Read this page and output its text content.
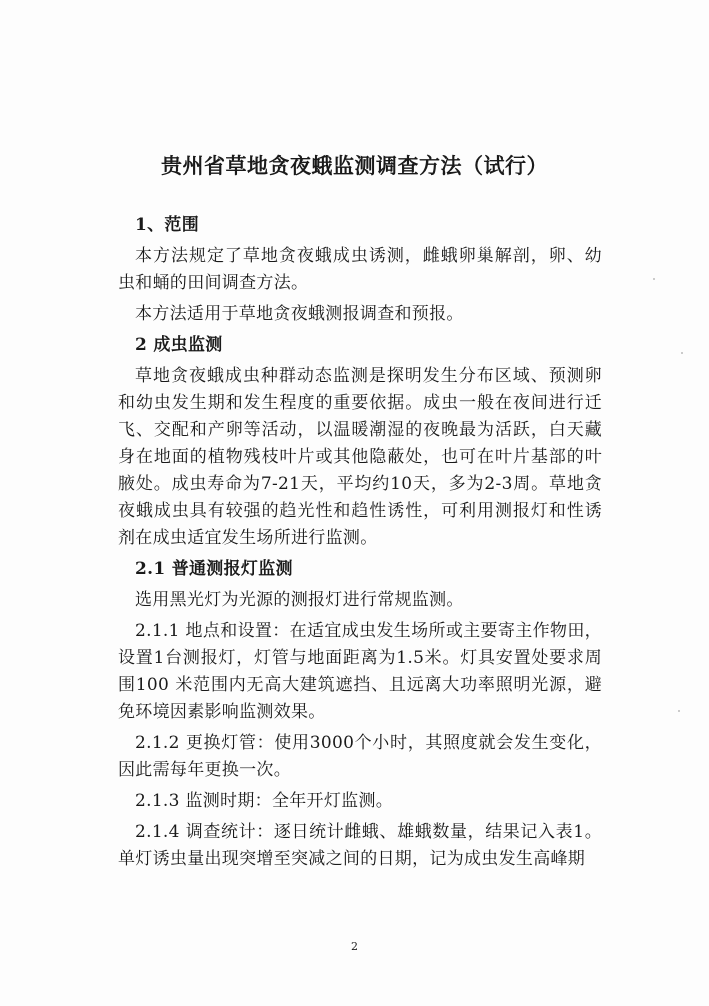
贵州省草地贪夜蛾监测调查方法（试行）

1、范围

本方法规定了草地贪夜蛾成虫诱测，雌蛾卵巢解剖，卵、幼虫和蛹的田间调查方法。

本方法适用于草地贪夜蛾测报调查和预报。

2 成虫监测

草地贪夜蛾成虫种群动态监测是探明发生分布区域、预测卵和幼虫发生期和发生程度的重要依据。成虫一般在夜间进行迁飞、交配和产卵等活动，以温暖潮湿的夜晚最为活跃，白天藏身在地面的植物残枝叶片或其他隐蔽处，也可在叶片基部的叶腋处。成虫寿命为7-21天，平均约10天，多为2-3周。草地贪夜蛾成虫具有较强的趋光性和趋性诱性，可利用测报灯和性诱剂在成虫适宜发生场所进行监测。

2.1 普通测报灯监测

选用黑光灯为光源的测报灯进行常规监测。

2.1.1 地点和设置：在适宜成虫发生场所或主要寄主作物田，设置1台测报灯，灯管与地面距离为1.5米。灯具安置处要求周围100 米范围内无高大建筑遮挡、且远离大功率照明光源，避免环境因素影响监测效果。

2.1.2 更换灯管：使用3000个小时，其照度就会发生变化，因此需每年更换一次。

2.1.3 监测时期：全年开灯监测。

2.1.4 调查统计：逐日统计雌蛾、雄蛾数量，结果记入表1。单灯诱虫量出现突增至突减之间的日期，记为成虫发生高峰期

2
